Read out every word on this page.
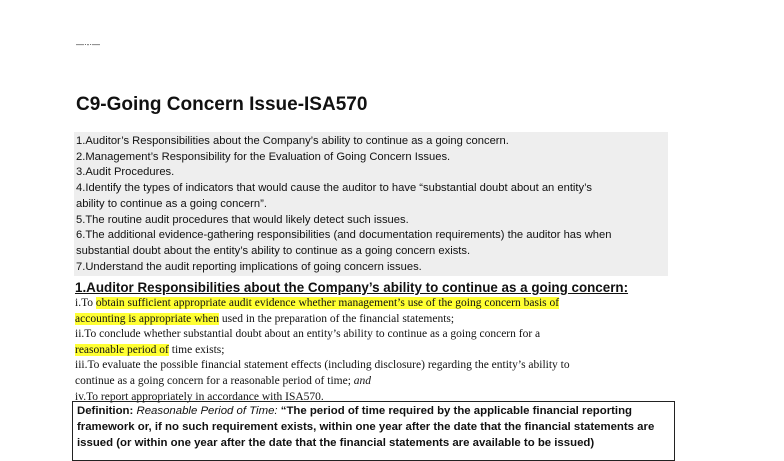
—·-·—
C9-Going Concern Issue-ISA570
1.Auditor’s Responsibilities about the Company’s ability to continue as a going concern.
2.Management’s Responsibility for the Evaluation of Going Concern Issues.
3.Audit Procedures.
4.Identify the types of indicators that would cause the auditor to have “substantial doubt about an entity’s
ability to continue as a going concern”.
5.The routine audit procedures that would likely detect such issues.
6.The additional evidence-gathering responsibilities (and documentation requirements) the auditor has when
substantial doubt about the entity’s ability to continue as a going concern exists.
7.Understand the audit reporting implications of going concern issues.
1.Auditor Responsibilities about the Company’s ability to continue as a going concern:
i.To obtain sufficient appropriate audit evidence whether management’s use of the going concern basis of
accounting is appropriate when used in the preparation of the financial statements;
ii.To conclude whether substantial doubt about an entity’s ability to continue as a going concern for a
reasonable period of time exists;
iii.To evaluate the possible financial statement effects (including disclosure) regarding the entity’s ability to
continue as a going concern for a reasonable period of time; and
iv.To report appropriately in accordance with ISA570.
Definition: Reasonable Period of Time: “The period of time required by the applicable financial reporting
framework or, if no such requirement exists, within one year after the date that the financial statements are
issued (or within one year after the date that the financial statements are available to be issued)
